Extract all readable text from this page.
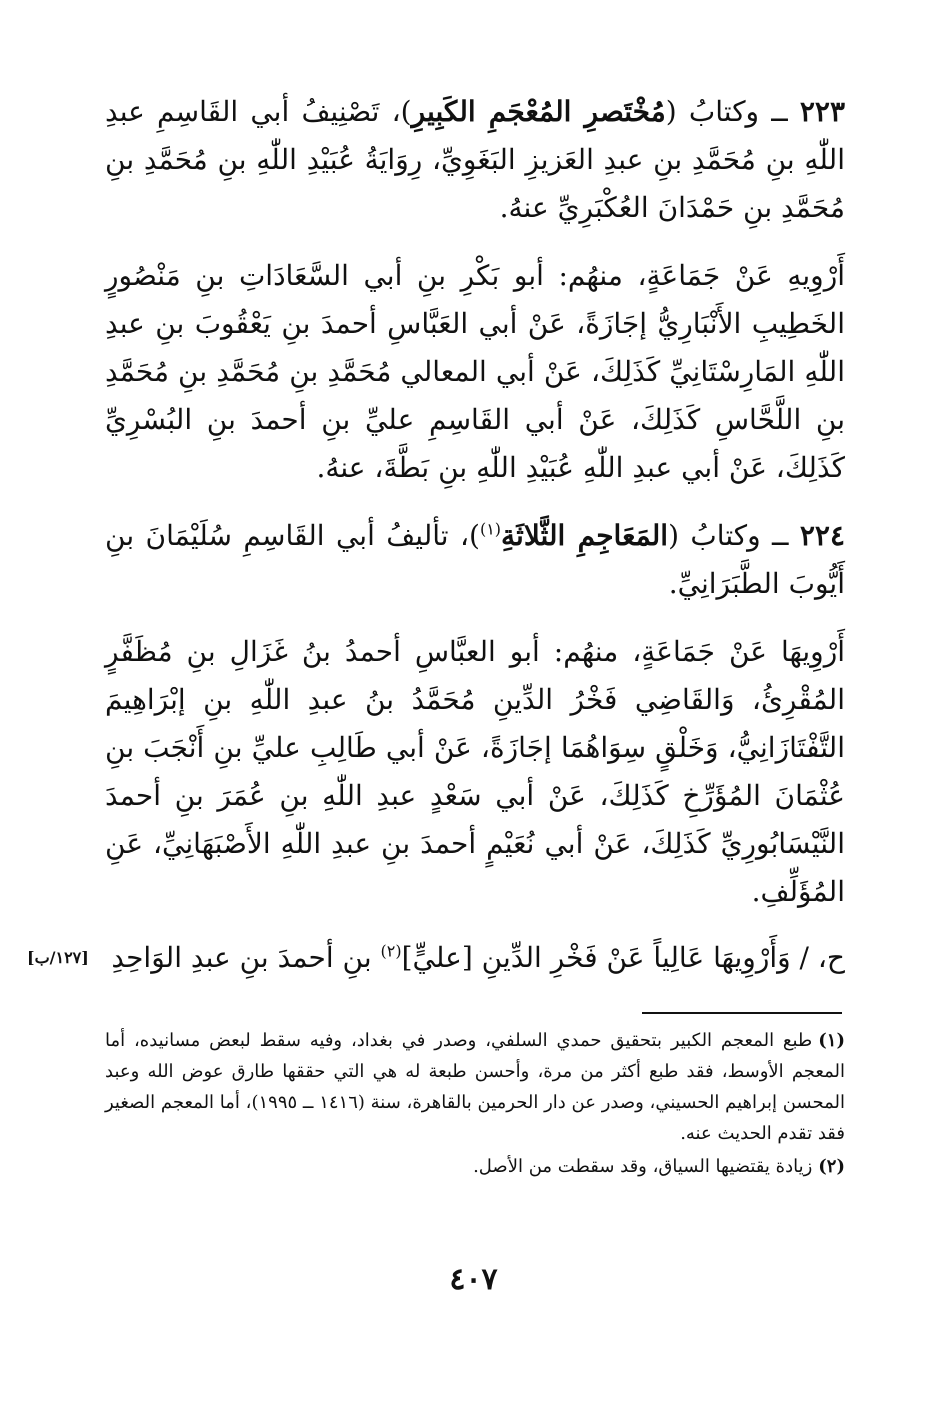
٢٢٣ ــ وكتابُ (مُخْتَصرِ المُعْجَمِ الكَبِيرِ)، تَصْنِيفُ أبي القَاسِمِ عبدِ اللّٰهِ بنِ مُحَمَّدِ بنِ عبدِ العَزيزِ البَغَوِيِّ، رِوَايَةُ عُبَيْدِ اللّٰهِ بنِ مُحَمَّدِ بنِ مُحَمَّدِ بنِ حَمْدَانَ العُكْبَرِيِّ عنهُ.

أَرْوِيهِ عَنْ جَمَاعَةٍ، منهُم: أبو بَكْرِ بنِ أبي السَّعَادَاتِ بنِ مَنْصُورٍ الخَطِيبِ الأَنْبَارِيُّ إجَازَةً، عَنْ أبي العَبَّاسِ أحمدَ بنِ يَعْقُوبَ بنِ عبدِ اللّٰهِ المَارِسْتَانِيِّ كَذَلِكَ، عَنْ أبي المعالي مُحَمَّدِ بنِ مُحَمَّدِ بنِ مُحَمَّدِ بنِ اللَّحَّاسِ كَذَلِكَ، عَنْ أبي القَاسِمِ عليِّ بنِ أحمدَ بنِ البُسْرِيِّ كَذَلِكَ، عَنْ أبي عبدِ اللّٰهِ عُبَيْدِ اللّٰهِ بنِ بَطَّةَ، عنهُ.

٢٢٤ ــ وكتابُ (المَعَاجِمِ الثَّلاثَةِ$^{(١)}$)، تأليفُ أبي القَاسِمِ سُلَيْمَانَ بنِ أَيُّوبَ الطَّبَرَانِيِّ.

أَرْوِيهَا عَنْ جَمَاعَةٍ، منهُم: أبو العبَّاسِ أحمدُ بنُ غَزَالِ بنِ مُظَفَّرٍ المُقْرِئُ، وَالقَاضِي فَخْرُ الدِّينِ مُحَمَّدُ بنُ عبدِ اللّٰهِ بنِ إبْرَاهِيمَ التَّفْتَازَانِيُّ، وَخَلْقٍ سِوَاهُمَا إجَازَةً، عَنْ أبي طَالِبِ عليِّ بنِ أَنْجَبَ بنِ عُثْمَانَ المُؤَرِّخِ كَذَلِكَ، عَنْ أبي سَعْدٍ عبدِ اللّٰهِ بنِ عُمَرَ بنِ أحمدَ النَّيْسَابُورِيِّ كَذَلِكَ، عَنْ أبي نُعَيْمٍ أحمدَ بنِ عبدِ اللّٰهِ الأَصْبَهَانِيِّ، عَنِ المُؤَلِّفِ.

ح، / وَأَرْوِيهَا عَالِياً عَنْ فَخْرِ الدِّينِ [عليٍّ]$^{(٢)}$ بنِ أحمدَ بنِ عبدِ الوَاحِدِ
[١٢٧/ب]

(١)طبع المعجم الكبير بتحقيق حمدي السلفي، وصدر في بغداد، وفيه سقط لبعض مسانيده، أما المعجم الأوسط، فقد طبع أكثر من مرة، وأحسن طبعة له هي التي حققها طارق عوض الله وعبد المحسن إبراهيم الحسيني، وصدر عن دار الحرمين بالقاهرة، سنة (١٤١٦ ــ ١٩٩٥)، أما المعجم الصغير فقد تقدم الحديث عنه.

(٢)زيادة يقتضيها السياق، وقد سقطت من الأصل.

٤٠٧
